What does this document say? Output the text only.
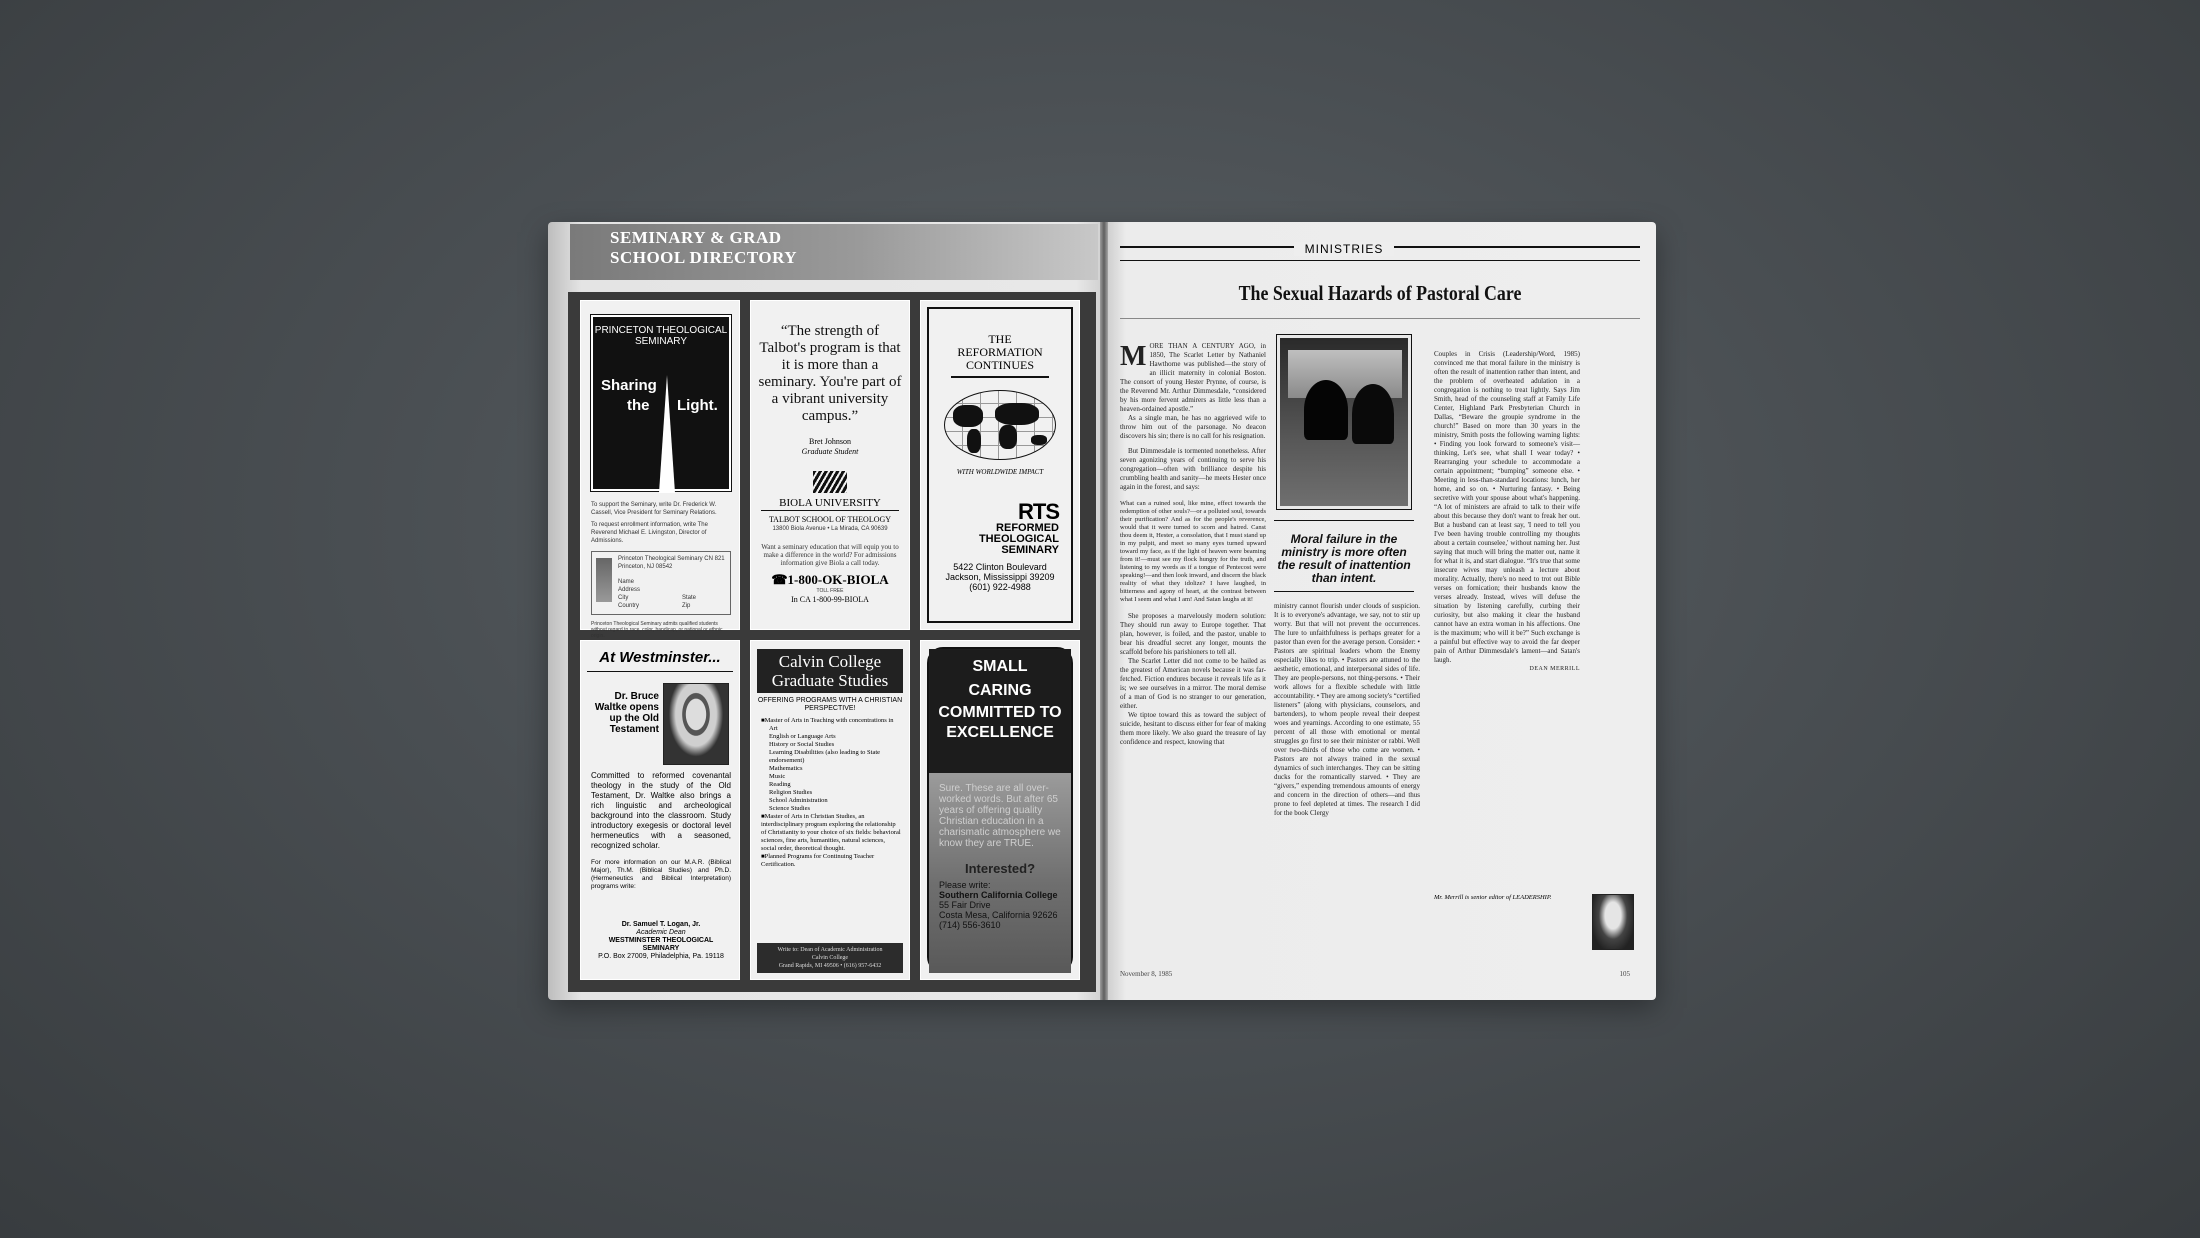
SEMINARY & GRAD
SCHOOL DIRECTORY
PRINCETON THEOLOGICAL SEMINARY
Sharing
the Light.
To support the Seminary, write Dr. Frederick W. Cassell, Vice President for Seminary Relations.
To request enrollment information, write The Reverend Michael E. Livingston, Director of Admissions.
Princeton Theological Seminary CN 821 Princeton, NJ 08542
Name
Address
City	State
Country	Zip
Princeton Theological Seminary admits qualified students without regard to race, color, handicap, or national or ethnic origin.
“The strength of Talbot's program is that it is more than a seminary. You're part of a vibrant university campus.”
Bret Johnson
Graduate Student
BIOLA UNIVERSITY
TALBOT SCHOOL OF THEOLOGY
13800 Biola Avenue • La Mirada, CA 90639
Want a seminary education that will equip you to make a difference in the world? For admissions information give Biola a call today.
☎1-800-OK-BIOLA
TOLL FREE
In CA 1-800-99-BIOLA
THE
REFORMATION
CONTINUES
WITH WORLDWIDE IMPACT
RTS
REFORMED
THEOLOGICAL
SEMINARY
5422 Clinton Boulevard
Jackson, Mississippi 39209
(601) 922-4988
At Westminster...
Dr. Bruce Waltke opens up the Old Testament
Committed to reformed covenantal theology in the study of the Old Testament, Dr. Waltke also brings a rich linguistic and archeological background into the classroom. Study introductory exegesis or doctoral level hermeneutics with a seasoned, recognized scholar.
For more information on our M.A.R. (Biblical Major), Th.M. (Biblical Studies) and Ph.D. (Hermeneutics and Biblical Interpretation) programs write:
Dr. Samuel T. Logan, Jr.
Academic Dean
WESTMINSTER THEOLOGICAL SEMINARY
P.O. Box 27009, Philadelphia, Pa. 19118
Calvin College Graduate Studies
OFFERING PROGRAMS WITH A CHRISTIAN PERSPECTIVE!
■ Master of Arts in Teaching with concentrations in
Art
English or Language Arts
History or Social Studies
Learning Disabilities (also leading to State endorsement)
Mathematics
Music
Reading
Religion Studies
School Administration
Science Studies
■ Master of Arts in Christian Studies, an interdisciplinary program exploring the relationship of Christianity to your choice of six fields: behavioral sciences, fine arts, humanities, natural sciences, social order, theoretical thought.
■ Planned Programs for Continuing Teacher Certification.
Write to: Dean of Academic Administration
Calvin College
Grand Rapids, MI 49506 • (616) 957-6432
SMALL
CARING
COMMITTED TO EXCELLENCE

Sure. These are all over-worked words. But after 65 years of offering quality Christian education in a charismatic atmosphere we know they are TRUE.

Interested?
Please write:
Southern California College
55 Fair Drive
Costa Mesa, California 92626
(714) 556-3610
MINISTRIES
The Sexual Hazards of Pastoral Care

MORE THAN A CENTURY AGO, in 1850, The Scarlet Letter by Nathaniel Hawthorne was published—the story of an illicit maternity in colonial Boston. The consort of young Hester Prynne, of course, is the Reverend Mr. Arthur Dimmesdale, “considered by his more fervent admirers as little less than a heaven-ordained apostle.”

As a single man, he has no aggrieved wife to throw him out of the parsonage. No deacon discovers his sin; there is no call for his resignation.

But Dimmesdale is tormented nonetheless. After seven agonizing years of continuing to serve his congregation—often with brilliance despite his crumbling health and sanity—he meets Hester once again in the forest, and says:

What can a ruined soul, like mine, effect towards the redemption of other souls?—or a polluted soul, towards their purification? And as for the people's reverence, would that it were turned to scorn and hatred. Canst thou deem it, Hester, a consolation, that I must stand up in my pulpit, and meet so many eyes turned upward toward my face, as if the light of heaven were beaming from it!—must see my flock hungry for the truth, and listening to my words as if a tongue of Pentecost were speaking!—and then look inward, and discern the black reality of what they idolize? I have laughed, in bitterness and agony of heart, at the contrast between what I seem and what I am! And Satan laughs at it!

She proposes a marvelously modern solution: They should run away to Europe together. That plan, however, is foiled, and the pastor, unable to bear his dreadful secret any longer, mounts the scaffold before his parishioners to tell all.

The Scarlet Letter did not come to be hailed as the greatest of American novels because it was far-fetched. Fiction endures because it reveals life as it is; we see ourselves in a mirror. The moral demise of a man of God is no stranger to our generation, either.

We tiptoe toward this as toward the subject of suicide, hesitant to discuss either for fear of making them more likely. We also guard the treasure of lay confidence and respect, knowing that

Moral failure in the ministry is more often the result of inattention than intent.

ministry cannot flourish under clouds of suspicion. It is to everyone's advantage, we say, not to stir up worry. But that will not prevent the occurrences. The lure to unfaithfulness is perhaps greater for a pastor than even for the average person. Consider: • Pastors are spiritual leaders whom the Enemy especially likes to trip. • Pastors are attuned to the aesthetic, emotional, and interpersonal sides of life. They are people-persons, not thing-persons. • Their work allows for a flexible schedule with little accountability. • They are among society's “certified listeners” (along with physicians, counselors, and bartenders), to whom people reveal their deepest woes and yearnings. According to one estimate, 55 percent of all those with emotional or mental struggles go first to see their minister or rabbi. Well over two-thirds of those who come are women. • Pastors are not always trained in the sexual dynamics of such interchanges. They can be sitting ducks for the romantically starved. • They are “givers,” expending tremendous amounts of energy and concern in the direction of others—and thus prone to feel depleted at times. The research I did for the book Clergy

Couples in Crisis (Leadership/Word, 1985) convinced me that moral failure in the ministry is often the result of inattention rather than intent, and the problem of overheated adulation in a congregation is nothing to treat lightly. Says Jim Smith, head of the counseling staff at Family Life Center, Highland Park Presbyterian Church in Dallas, “Beware the groupie syndrome in the church!” Based on more than 30 years in the ministry, Smith posts the following warning lights: • Finding you look forward to someone's visit—thinking, Let's see, what shall I wear today? • Rearranging your schedule to accommodate a certain appointment; “bumping” someone else. • Meeting in less-than-standard locations: lunch, her home, and so on. • Nurturing fantasy. • Being secretive with your spouse about what's happening. “A lot of ministers are afraid to talk to their wife about this because they don't want to freak her out. But a husband can at least say, 'I need to tell you I've been having trouble controlling my thoughts about a certain counselee,' without naming her. Just saying that much will bring the matter out, name it for what it is, and start dialogue. “It's true that some insecure wives may unleash a lecture about morality. Actually, there's no need to trot out Bible verses on fornication; their husbands know the verses already. Instead, wives will defuse the situation by listening carefully, curbing their curiosity, but also making it clear the husband cannot have an extra woman in his affections. One is the maximum; who will it be?” Such exchange is a painful but effective way to avoid the far deeper pain of Arthur Dimmesdale's lament—and Satan's laugh.

DEAN MERRILL

Mr. Merrill is senior editor of LEADERSHIP.
November 8, 1985	105
